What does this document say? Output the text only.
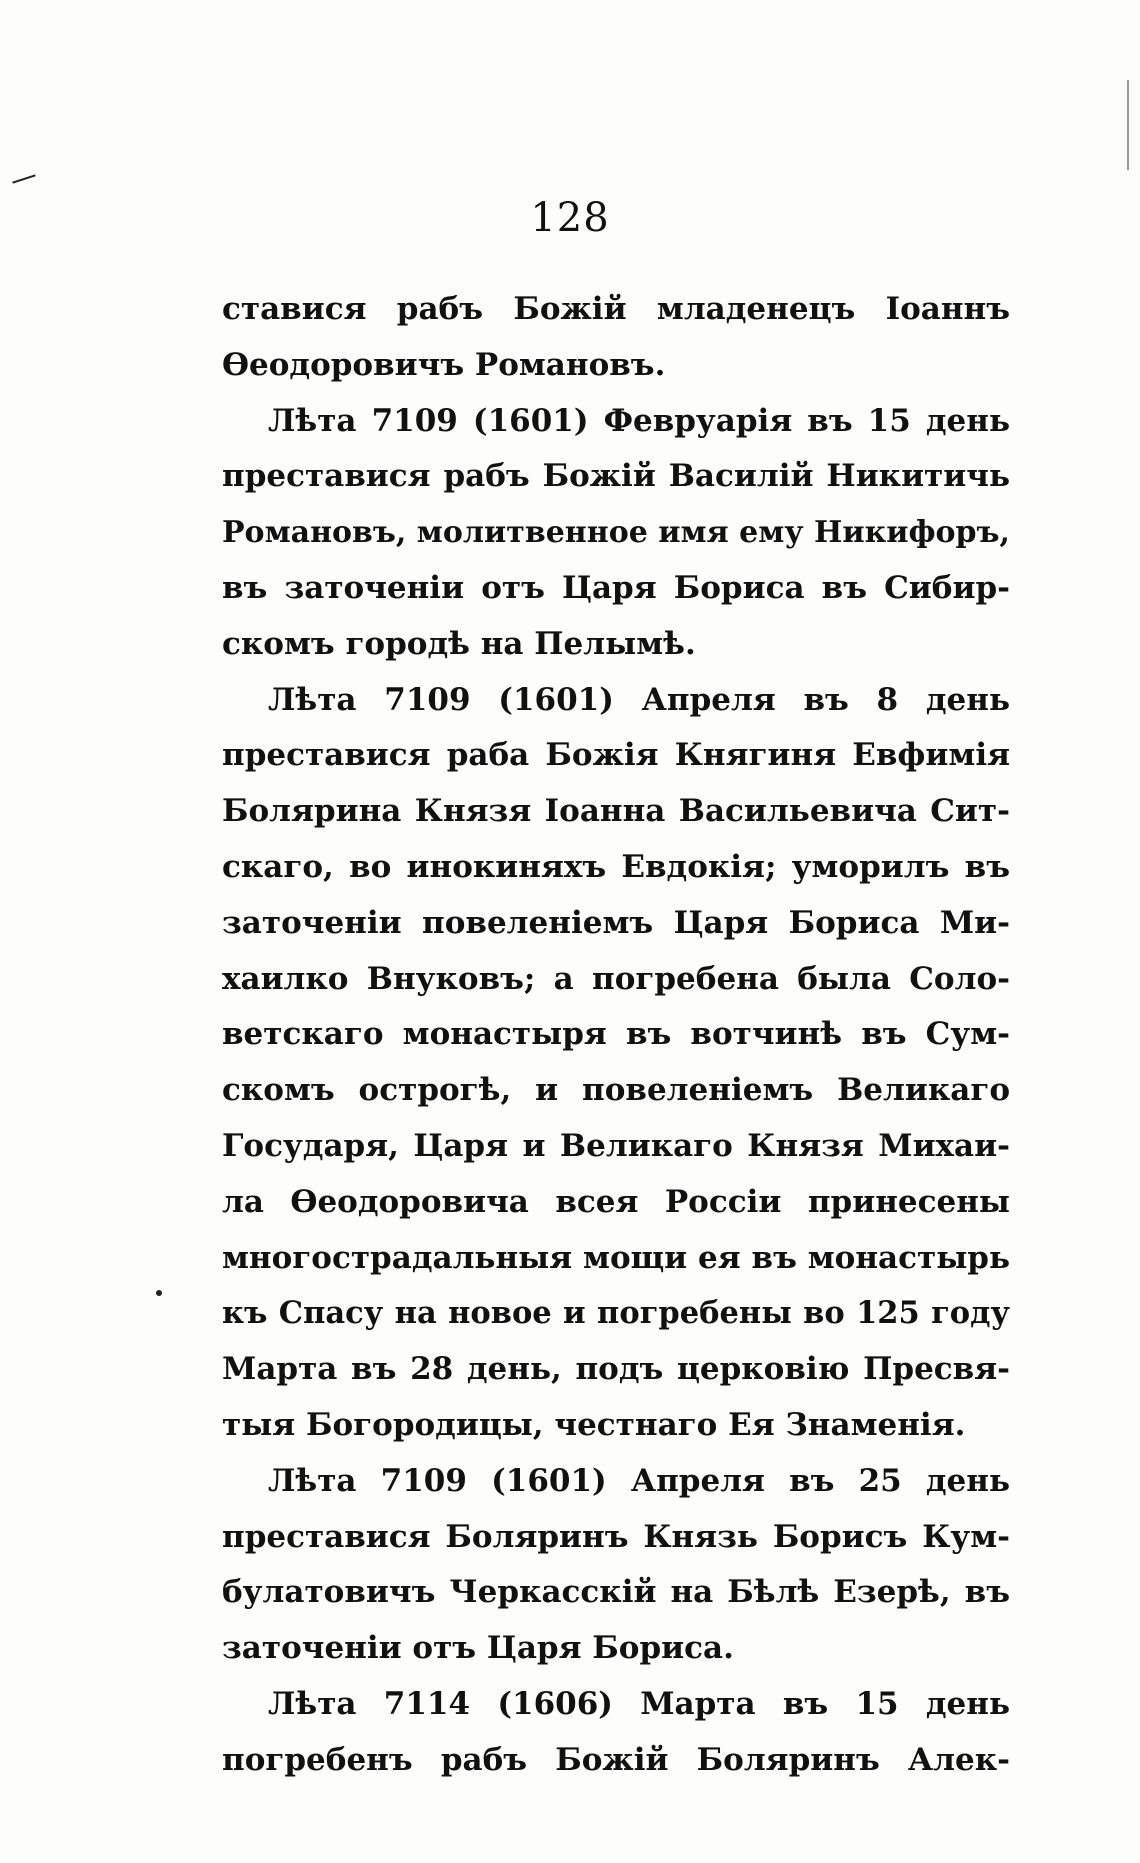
128
ставися рабъ Божій младенецъ Іоаннъ
Ѳеодоровичъ Романовъ.
Лѣта 7109 (1601) Февруарія въ 15 день
преставися рабъ Божій Василій Никитичь
Романовъ, молитвенное имя ему Никифоръ,
въ заточеніи отъ Царя Бориса въ Сибир-
скомъ городѣ на Пелымѣ.
Лѣта 7109 (1601) Апреля въ 8 день
преставися раба Божія Княгиня Евфимія
Болярина Князя Іоанна Васильевича Сит-
скаго, во инокиняхъ Евдокія; уморилъ въ
заточеніи повеленіемъ Царя Бориса Ми-
хаилко Внуковъ; а погребена была Соло-
ветскаго монастыря въ вотчинѣ въ Сум-
скомъ острогѣ, и повеленіемъ Великаго
Государя, Царя и Великаго Князя Михаи-
ла Ѳеодоровича всея Россіи принесены
многострадальныя мощи ея въ монастырь
къ Спасу на новое и погребены во 125 году
Марта въ 28 день, подъ церковію Пресвя-
тыя Богородицы, честнаго Ея Знаменія.
Лѣта 7109 (1601) Апреля въ 25 день
преставися Боляринъ Князь Борисъ Кум-
булатовичъ Черкасскій на Бѣлѣ Езерѣ, въ
заточеніи отъ Царя Бориса.
Лѣта 7114 (1606) Марта въ 15 день
погребенъ рабъ Божій Боляринъ Алек-
